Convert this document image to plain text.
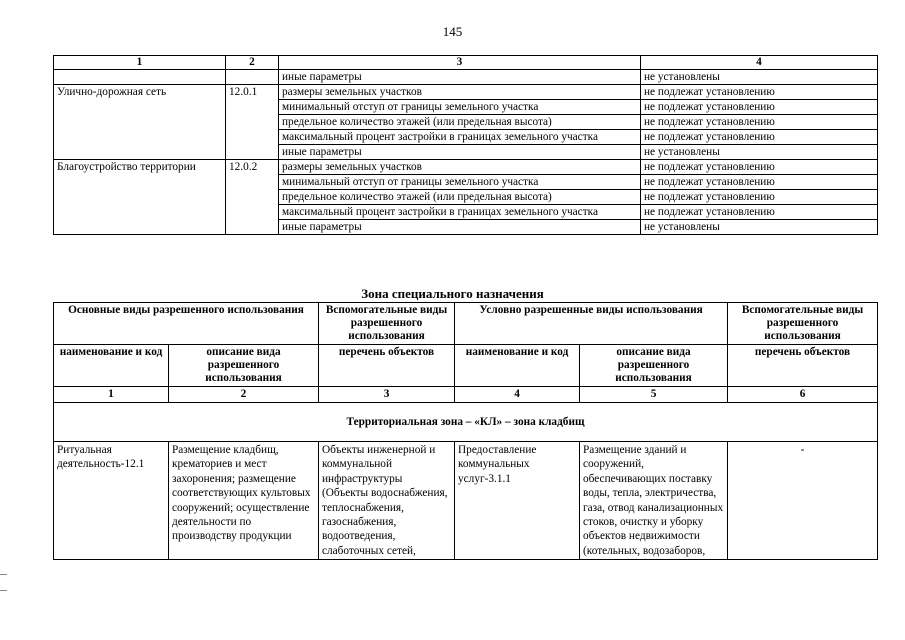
145
1	2	3	4
		иные параметры	не установлены
Улично-дорожная сеть	12.0.1	размеры земельных участков	не подлежат установлению
		минимальный отступ от границы земельного участка	не подлежат установлению
		предельное количество этажей (или предельная высота)	не подлежат установлению
		максимальный процент застройки в границах земельного участка	не подлежат установлению
		иные параметры	не установлены
Благоустройство территории	12.0.2	размеры земельных участков	не подлежат установлению
		минимальный отступ от границы земельного участка	не подлежат установлению
		предельное количество этажей (или предельная высота)	не подлежат установлению
		максимальный процент застройки в границах земельного участка	не подлежат установлению
		иные параметры	не установлены
Зона специального назначения
Основные виды разрешенного использования		Вспомогательные виды разрешенного использования	Условно разрешенные виды использования		Вспомогательные виды разрешенного использования
наименование и код	описание вида разрешенного использования	перечень объектов	наименование и код	описание вида разрешенного использования	перечень объектов
1	2	3	4	5	6
Территориальная зона – «КЛ» – зона кладбищ					
Ритуальная деятельность-12.1	Размещение кладбищ, крематориев и мест захоронения; размещение соответствующих культовых сооружений; осуществление деятельности по производству продукции	Объекты инженерной и коммунальной инфраструктуры (Объекты водоснабжения, теплоснабжения, газоснабжения, водоотведения, слаботочных сетей,	Предоставление коммунальных услуг-3.1.1	Размещение зданий и сооружений, обеспечивающих поставку воды, тепла, электричества, газа, отвод канализационных стоков, очистку и уборку объектов недвижимости (котельных, водозаборов,	-
